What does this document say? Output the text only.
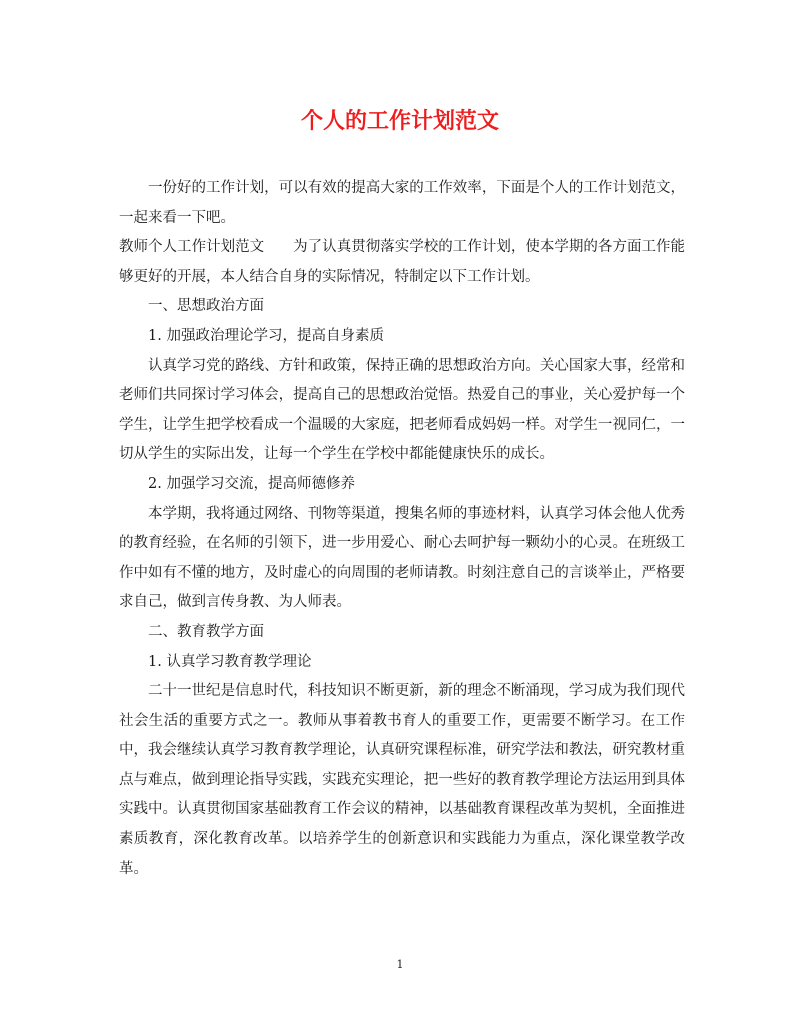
个人的工作计划范文

一份好的工作计划，可以有效的提高大家的工作效率，下面是个人的工作计划范文，一起来看一下吧。

教师个人工作计划范文　　为了认真贯彻落实学校的工作计划，使本学期的各方面工作能够更好的开展，本人结合自身的实际情况，特制定以下工作计划。

一、思想政治方面

1. 加强政治理论学习，提高自身素质

认真学习党的路线、方针和政策，保持正确的思想政治方向。关心国家大事，经常和老师们共同探讨学习体会，提高自己的思想政治觉悟。热爱自己的事业，关心爱护每一个学生，让学生把学校看成一个温暖的大家庭，把老师看成妈妈一样。对学生一视同仁，一切从学生的实际出发，让每一个学生在学校中都能健康快乐的成长。

2. 加强学习交流，提高师德修养

本学期，我将通过网络、刊物等渠道，搜集名师的事迹材料，认真学习体会他人优秀的教育经验，在名师的引领下，进一步用爱心、耐心去呵护每一颗幼小的心灵。在班级工作中如有不懂的地方，及时虚心的向周围的老师请教。时刻注意自己的言谈举止，严格要求自己，做到言传身教、为人师表。

二、教育教学方面

1. 认真学习教育教学理论

二十一世纪是信息时代，科技知识不断更新，新的理念不断涌现，学习成为我们现代社会生活的重要方式之一。教师从事着教书育人的重要工作，更需要不断学习。在工作中，我会继续认真学习教育教学理论，认真研究课程标准，研究学法和教法，研究教材重点与难点，做到理论指导实践，实践充实理论，把一些好的教育教学理论方法运用到具体实践中。认真贯彻国家基础教育工作会议的精神，以基础教育课程改革为契机，全面推进素质教育，深化教育改革。以培养学生的创新意识和实践能力为重点，深化课堂教学改革。

1
